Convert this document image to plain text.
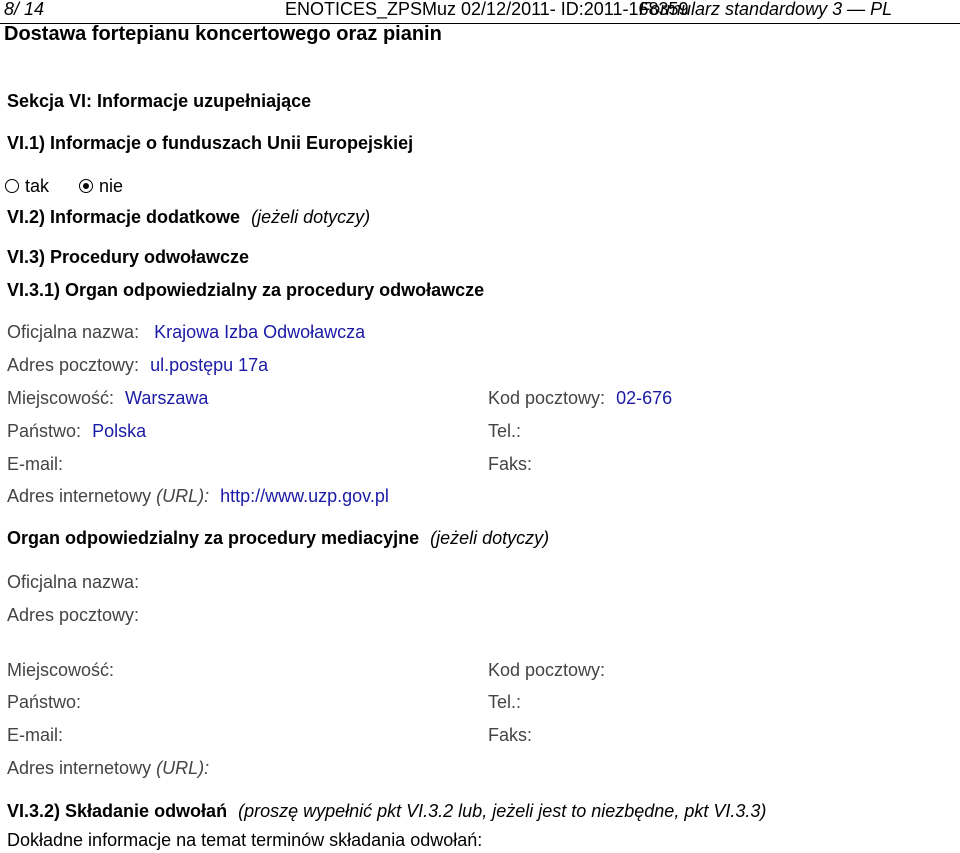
8/ 14	ENOTICES_ZPSMuz 02/12/2011- ID:2011-168359
Formularz standardowy 3 — PL
Dostawa fortepianu koncertowego oraz pianin
Sekcja VI: Informacje uzupełniające
VI.1) Informacje o funduszach Unii Europejskiej
tak	nie
VI.2) Informacje dodatkowe (jeżeli dotyczy)
VI.3) Procedury odwoławcze
VI.3.1) Organ odpowiedzialny za procedury odwoławcze
Oficjalna nazwa: Krajowa Izba Odwoławcza
Adres pocztowy: ul.postępu 17a
Miejscowość: Warszawa	Kod pocztowy: 02-676
Państwo: Polska	Tel.:
E-mail:	Faks:
Adres internetowy (URL): http://www.uzp.gov.pl
Organ odpowiedzialny za procedury mediacyjne (jeżeli dotyczy)
Oficjalna nazwa:
Adres pocztowy:
Miejscowość:	Kod pocztowy:
Państwo:	Tel.:
E-mail:	Faks:
Adres internetowy (URL):
VI.3.2) Składanie odwołań (proszę wypełnić pkt VI.3.2 lub, jeżeli jest to niezbędne, pkt VI.3.3)
Dokładne informacje na temat terminów składania odwołań:
